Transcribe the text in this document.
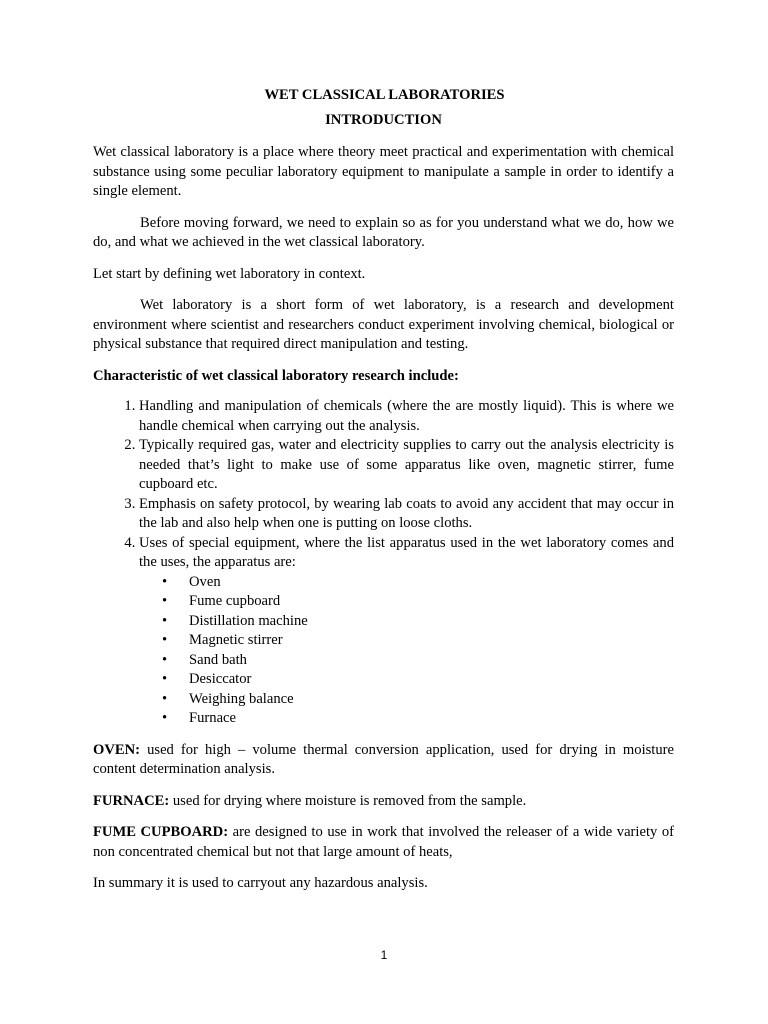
WET CLASSICAL LABORATORIES

INTRODUCTION

Wet classical laboratory is a place where theory meet practical and experimentation with chemical substance using some peculiar laboratory equipment to manipulate a sample in order to identify a single element.

Before moving forward, we need to explain so as for you understand what we do, how we do, and what we achieved in the wet classical laboratory.

Let start by defining wet laboratory in context.

Wet laboratory is a short form of wet laboratory, is a research and development environment where scientist and researchers conduct experiment involving chemical, biological or physical substance that required direct manipulation and testing.

Characteristic of wet classical laboratory research include:

1. Handling and manipulation of chemicals (where the are mostly liquid). This is where we handle chemical when carrying out the analysis.
2. Typically required gas, water and electricity supplies to carry out the analysis electricity is needed that’s light to make use of some apparatus like oven, magnetic stirrer, fume cupboard etc.
3. Emphasis on safety protocol, by wearing lab coats to avoid any accident that may occur in the lab and also help when one is putting on loose cloths.
4. Uses of special equipment, where the list apparatus used in the wet laboratory comes and the uses, the apparatus are:
• Oven
• Fume cupboard
• Distillation machine
• Magnetic stirrer
• Sand bath
• Desiccator
• Weighing balance
• Furnace

OVEN: used for high – volume thermal conversion application, used for drying in moisture content determination analysis.

FURNACE: used for drying where moisture is removed from the sample.

FUME CUPBOARD: are designed to use in work that involved the releaser of a wide variety of non concentrated chemical but not that large amount of heats,

In summary it is used to carryout any hazardous analysis.

1
